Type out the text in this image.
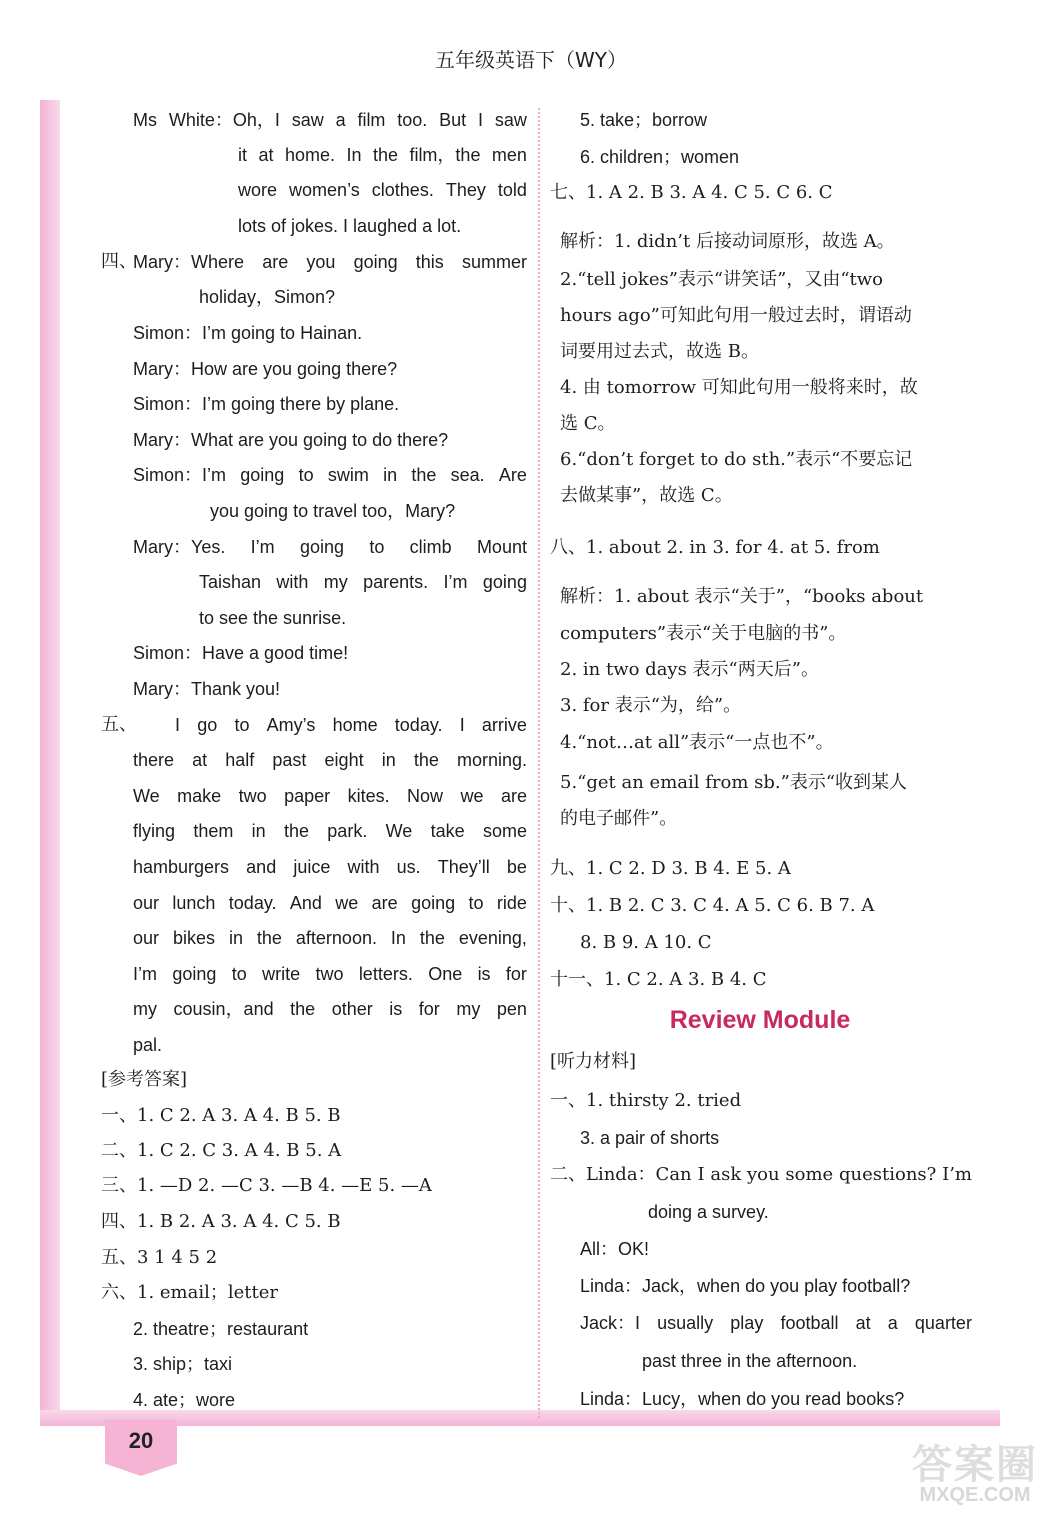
五年级英语下（WY）
20
Ms White：Oh，I saw a film too. But I saw
it at home. In the film，the men
wore women’s clothes. They told
lots of jokes. I laughed a lot.
四、
Mary：Where are you going this summer
holiday，Simon?
Simon：I’m going to Hainan.
Mary：How are you going there?
Simon：I’m going there by plane.
Mary：What are you going to do there?
Simon：I’m going to swim in the sea. Are
you going to travel too，Mary?
Mary：Yes. I’m going to climb Mount
Taishan with my parents. I’m going
to see the sunrise.
Simon：Have a good time!
Mary：Thank you!
五、 I go to Amy’s home today. I arrive
there at half past eight in the morning.
We make two paper kites. Now we are
flying them in the park. We take some
hamburgers and juice with us. They’ll be
our lunch today. And we are going to ride
our bikes in the afternoon. In the evening,
I’m going to write two letters. One is for
my cousin，and the other is for my pen
pal.
[参考答案]
一、1. C 2. A 3. A 4. B 5. B
二、1. C 2. C 3. A 4. B 5. A
三、1. —D 2. —C 3. —B 4. —E 5. —A
四、1. B 2. A 3. A 4. C 5. B
五、3 1 4 5 2
六、1. email；letter
2. theatre；restaurant
3. ship；taxi
4. ate；wore
5. take；borrow
6. children；women
七、1. A 2. B 3. A 4. C 5. C 6. C
解析：1. didn’t 后接动词原形，故选 A。
2.“tell jokes”表示“讲笑话”，又由“two
hours ago”可知此句用一般过去时，谓语动
词要用过去式，故选 B。
4. 由 tomorrow 可知此句用一般将来时，故
选 C。
6.“don’t forget to do sth.”表示“不要忘记
去做某事”，故选 C。
八、1. about 2. in 3. for 4. at 5. from
解析：1. about 表示“关于”，“books about
computers”表示“关于电脑的书”。
2. in two days 表示“两天后”。
3. for 表示“为，给”。
4.“not…at all”表示“一点也不”。
5.“get an email from sb.”表示“收到某人
的电子邮件”。
九、1. C 2. D 3. B 4. E 5. A
十、1. B 2. C 3. C 4. A 5. C 6. B 7. A
8. B 9. A 10. C
十一、1. C 2. A 3. B 4. C
Review Module
[听力材料]
一、1. thirsty 2. tried
3. a pair of shorts
二、Linda：Can I ask you some questions? I’m
doing a survey.
All：OK!
Linda：Jack，when do you play football?
Jack：I usually play football at a quarter
past three in the afternoon.
Linda：Lucy，when do you read books?
答案圈
MXQE.COM
